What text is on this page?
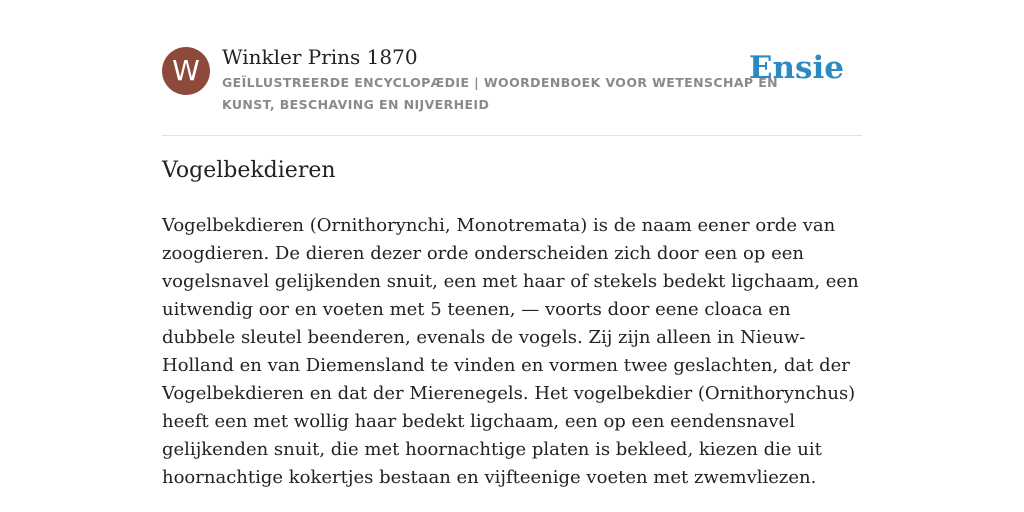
W	Winkler Prins 1870
GEÏLLUSTREERDE ENCYCLOPÆDIE | WOORDENBOEK VOOR WETENSCHAP EN KUNST, BESCHAVING EN NIJVERHEID
Ensie
Vogelbekdieren

Vogelbekdieren (Ornithorynchi, Monotremata) is de naam eener orde van zoogdieren. De dieren dezer orde onderscheiden zich door een op een vogelsnavel gelijkenden snuit, een met haar of stekels bedekt ligchaam, een uitwendig oor en voeten met 5 teenen, — voorts door eene cloaca en dubbele sleutel beenderen, evenals de vogels. Zij zijn alleen in Nieuw-Holland en van Diemensland te vinden en vormen twee geslachten, dat der Vogelbekdieren en dat der Mierenegels. Het vogelbekdier (Ornithorynchus) heeft een met wollig haar bedekt ligchaam, een op een eendensnavel gelijkenden snuit, die met hoornachtige platen is bekleed, kiezen die uit hoornachtige kokertjes bestaan en vijfteenige voeten met zwemvliezen.
